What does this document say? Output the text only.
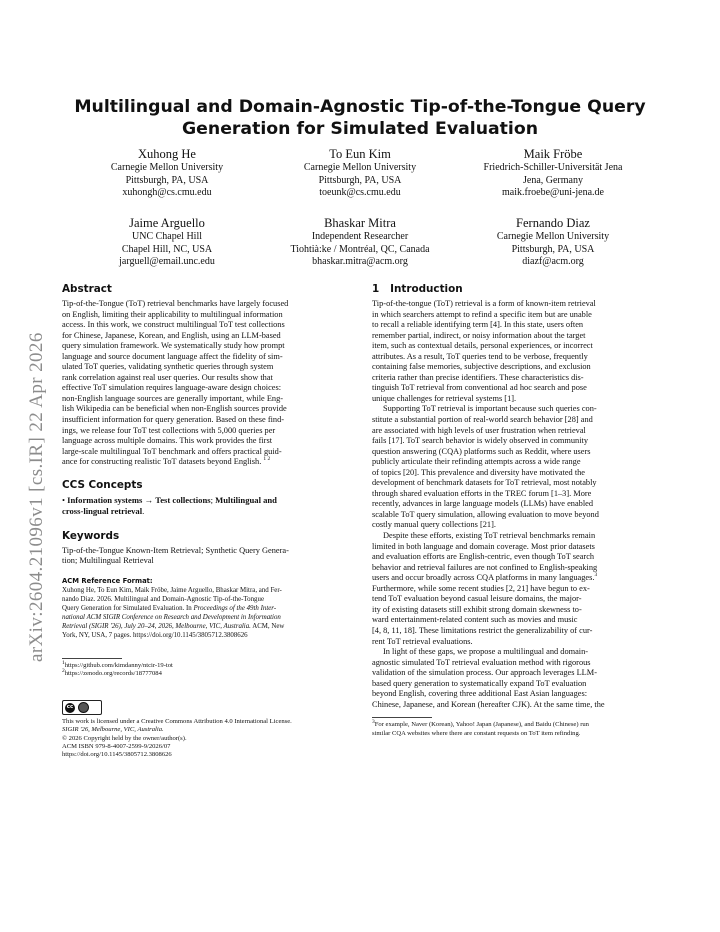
arXiv:2604.21096v1 [cs.IR] 22 Apr 2026
Multilingual and Domain-Agnostic Tip-of-the-Tongue Query
Generation for Simulated Evaluation
Xuhong He
Carnegie Mellon University
Pittsburgh, PA, USA
xuhongh@cs.cmu.edu
To Eun Kim
Carnegie Mellon University
Pittsburgh, PA, USA
toeunk@cs.cmu.edu
Maik Fröbe
Friedrich-Schiller-Universität Jena
Jena, Germany
maik.froebe@uni-jena.de
Jaime Arguello
UNC Chapel Hill
Chapel Hill, NC, USA
jarguell@email.unc.edu
Bhaskar Mitra
Independent Researcher
Tiohtià:ke / Montréal, QC, Canada
bhaskar.mitra@acm.org
Fernando Diaz
Carnegie Mellon University
Pittsburgh, PA, USA
diazf@acm.org
Abstract
Tip-of-the-Tongue (ToT) retrieval benchmarks have largely focused
on English, limiting their applicability to multilingual information
access. In this work, we construct multilingual ToT test collections
for Chinese, Japanese, Korean, and English, using an LLM-based
query simulation framework. We systematically study how prompt
language and source document language affect the fidelity of sim-
ulated ToT queries, validating synthetic queries through system
rank correlation against real user queries. Our results show that
effective ToT simulation requires language-aware design choices:
non-English language sources are generally important, while Eng-
lish Wikipedia can be beneficial when non-English sources provide
insufficient information for query generation. Based on these find-
ings, we release four ToT test collections with 5,000 queries per
language across multiple domains. This work provides the first
large-scale multilingual ToT benchmark and offers practical guid-
ance for constructing realistic ToT datasets beyond English. $^{1 2}$
CCS Concepts
• Information systems → Test collections; Multilingual and
cross-lingual retrieval.
Keywords
Tip-of-the-Tongue Known-Item Retrieval; Synthetic Query Genera-
tion; Multilingual Retrieval
ACM Reference Format:
Xuhong He, To Eun Kim, Maik Fröbe, Jaime Arguello, Bhaskar Mitra, and Fer-
nando Diaz. 2026. Multilingual and Domain-Agnostic Tip-of-the-Tongue
Query Generation for Simulated Evaluation. In Proceedings of the 49th Inter-
national ACM SIGIR Conference on Research and Development in Information
Retrieval (SIGIR '26), July 20–24, 2026, Melbourne, VIC, Australia. ACM, New
York, NY, USA, 7 pages. https://doi.org/10.1145/3805712.3808626
$^1$https://github.com/kimdanny/ntcir-19-tot
$^2$https://zenodo.org/records/18777084
cc
This work is licensed under a Creative Commons Attribution 4.0 International License.
SIGIR '26, Melbourne, VIC, Australia.
© 2026 Copyright held by the owner/author(s).
ACM ISBN 979-8-4007-2599-9/2026/07
https://doi.org/10.1145/3805712.3808626
1 Introduction
Tip-of-the-tongue (ToT) retrieval is a form of known-item retrieval
in which searchers attempt to refind a specific item but are unable
to recall a reliable identifying term [4]. In this state, users often
remember partial, indirect, or noisy information about the target
item, such as contextual details, personal experiences, or incorrect
attributes. As a result, ToT queries tend to be verbose, frequently
containing false memories, subjective descriptions, and exclusion
criteria rather than precise identifiers. These characteristics dis-
tinguish ToT retrieval from conventional ad hoc search and pose
unique challenges for retrieval systems [1].
Supporting ToT retrieval is important because such queries con-
stitute a substantial portion of real-world search behavior [28] and
are associated with high levels of user frustration when retrieval
fails [17]. ToT search behavior is widely observed in community
question answering (CQA) platforms such as Reddit, where users
publicly articulate their refinding attempts across a wide range
of topics [20]. This prevalence and diversity have motivated the
development of benchmark datasets for ToT retrieval, most notably
through shared evaluation efforts in the TREC forum [1–3]. More
recently, advances in large language models (LLMs) have enabled
scalable ToT query simulation, allowing evaluation to move beyond
costly manual query collections [21].
Despite these efforts, existing ToT retrieval benchmarks remain
limited in both language and domain coverage. Most prior datasets
and evaluation efforts are English-centric, even though ToT search
behavior and retrieval failures are not confined to English-speaking
users and occur broadly across CQA platforms in many languages.$^3$
Furthermore, while some recent studies [2, 21] have begun to ex-
tend ToT evaluation beyond casual leisure domains, the major-
ity of existing datasets still exhibit strong domain skewness to-
ward entertainment-related content such as movies and music
[4, 8, 11, 18]. These limitations restrict the generalizability of cur-
rent ToT retrieval evaluations.
In light of these gaps, we propose a multilingual and domain-
agnostic simulated ToT retrieval evaluation method with rigorous
validation of the simulation process. Our approach leverages LLM-
based query generation to systematically expand ToT evaluation
beyond English, covering three additional East Asian languages:
Chinese, Japanese, and Korean (hereafter CJK). At the same time, the
$^3$For example, Naver (Korean), Yahoo! Japan (Japanese), and Baidu (Chinese) run
similar CQA websites where there are constant requests on ToT item refinding.
